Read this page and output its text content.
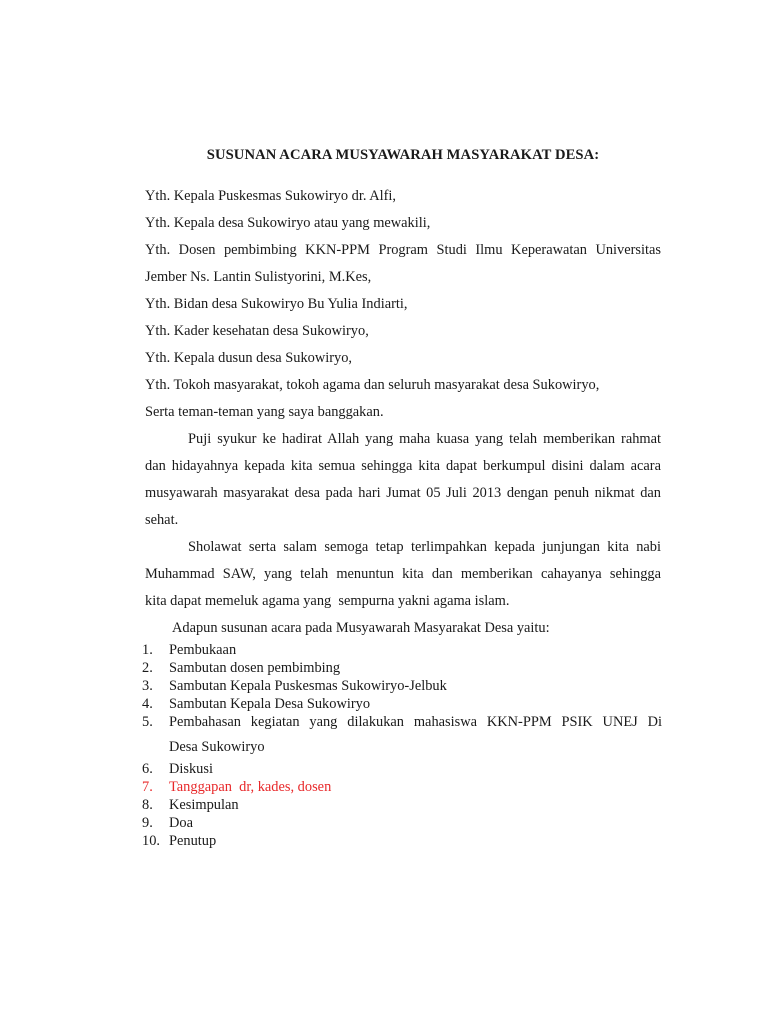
SUSUNAN ACARA MUSYAWARAH MASYARAKAT DESA:
Yth. Kepala Puskesmas Sukowiryo dr. Alfi,
Yth. Kepala desa Sukowiryo atau yang mewakili,
Yth. Dosen pembimbing KKN-PPM Program Studi Ilmu Keperawatan Universitas
Jember Ns. Lantin Sulistyorini, M.Kes,
Yth. Bidan desa Sukowiryo Bu Yulia Indiarti,
Yth. Kader kesehatan desa Sukowiryo,
Yth. Kepala dusun desa Sukowiryo,
Yth. Tokoh masyarakat, tokoh agama dan seluruh masyarakat desa Sukowiryo,
Serta teman-teman yang saya banggakan.
Puji syukur ke hadirat Allah yang maha kuasa yang telah memberikan rahmat
dan hidayahnya kepada kita semua sehingga kita dapat berkumpul disini dalam acara
musyawarah masyarakat desa pada hari Jumat 05 Juli 2013 dengan penuh nikmat dan
sehat.
Sholawat serta salam semoga tetap terlimpahkan kepada junjungan kita nabi
Muhammad SAW, yang telah menuntun kita dan memberikan cahayanya sehingga
kita dapat memeluk agama yang  sempurna yakni agama islam.
Adapun susunan acara pada Musyawarah Masyarakat Desa yaitu:
1.	Pembukaan
2.	Sambutan dosen pembimbing
3.	Sambutan Kepala Puskesmas Sukowiryo-Jelbuk
4.	Sambutan Kepala Desa Sukowiryo
5.	Pembahasan kegiatan yang dilakukan mahasiswa KKN-PPM PSIK UNEJ Di
Desa Sukowiryo
6.	Diskusi
7.	Tanggapan  dr, kades, dosen
8.	Kesimpulan
9.	Doa
10. Penutup
